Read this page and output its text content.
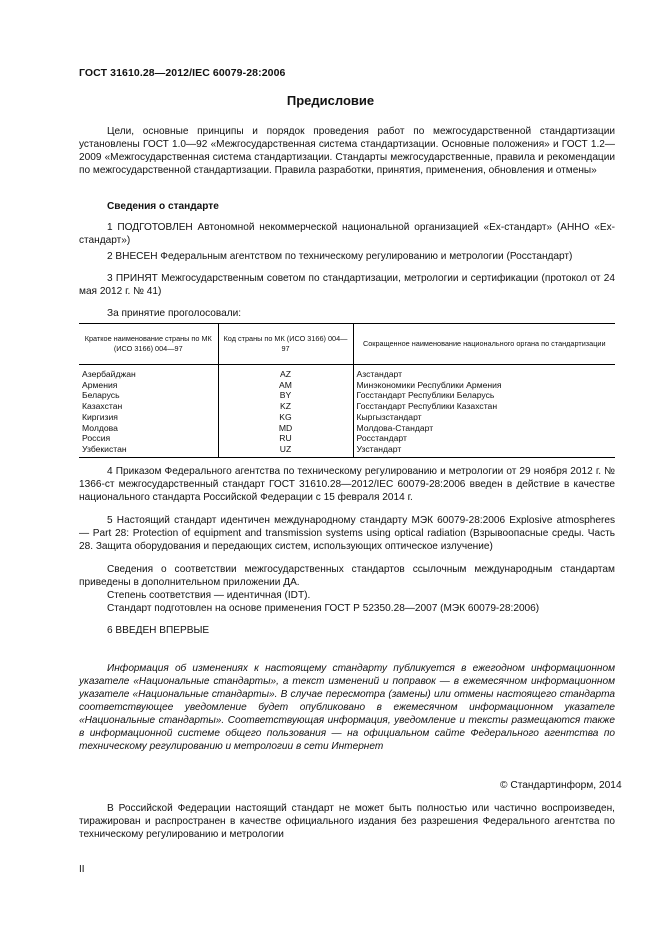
ГОСТ 31610.28—2012/IEC 60079-28:2006
Предисловие
Цели, основные принципы и порядок проведения работ по межгосударственной стандартизации установлены ГОСТ 1.0—92 «Межгосударственная система стандартизации. Основные положения» и ГОСТ 1.2—2009 «Межгосударственная система стандартизации. Стандарты межгосударственные, правила и рекомендации по межгосударственной стандартизации. Правила разработки, принятия, применения, обновления и отмены»
Сведения о стандарте
1 ПОДГОТОВЛЕН Автономной некоммерческой национальной организацией «Ех-стандарт» (АННО «Ех-стандарт»)
2 ВНЕСЕН Федеральным агентством по техническому регулированию и метрологии (Росстандарт)
3 ПРИНЯТ Межгосударственным советом по стандартизации, метрологии и сертификации (протокол от 24 мая 2012 г. № 41)
За принятие проголосовали:
Краткое наименование страны по МК (ИСО 3166) 004—97	Код страны по МК (ИСО 3166) 004—97	Сокращенное наименование национального органа по стандартизации
Азербайджан	AZ	Азстандарт
Армения	AM	Минэкономики Республики Армения
Беларусь	BY	Госстандарт Республики Беларусь
Казахстан	KZ	Госстандарт Республики Казахстан
Киргизия	KG	Кыргызстандарт
Молдова	MD	Молдова-Стандарт
Россия	RU	Росстандарт
Узбекистан	UZ	Узстандарт
4 Приказом Федерального агентства по техническому регулированию и метрологии от 29 ноября 2012 г. № 1366-ст межгосударственный стандарт ГОСТ 31610.28—2012/IEC 60079-28:2006 введен в действие в качестве национального стандарта Российской Федерации с 15 февраля 2014 г.
5 Настоящий стандарт идентичен международному стандарту МЭК 60079-28:2006 Explosive atmospheres — Part 28: Protection of equipment and transmission systems using optical radiation (Взрывоопасные среды. Часть 28. Защита оборудования и передающих систем, использующих оптическое излучение)
Сведения о соответствии межгосударственных стандартов ссылочным международным стандартам приведены в дополнительном приложении ДА.
Степень соответствия — идентичная (IDT).
Стандарт подготовлен на основе применения ГОСТ Р 52350.28—2007 (МЭК 60079-28:2006)
6 ВВЕДЕН ВПЕРВЫЕ
Информация об изменениях к настоящему стандарту публикуется в ежегодном информационном указателе «Национальные стандарты», а текст изменений и поправок — в ежемесячном информационном указателе «Национальные стандарты». В случае пересмотра (замены) или отмены настоящего стандарта соответствующее уведомление будет опубликовано в ежемесячном информационном указателе «Национальные стандарты». Соответствующая информация, уведомление и тексты размещаются также в информационной системе общего пользования — на официальном сайте Федерального агентства по техническому регулированию и метрологии в сети Интернет
© Стандартинформ, 2014
В Российской Федерации настоящий стандарт не может быть полностью или частично воспроизведен, тиражирован и распространен в качестве официального издания без разрешения Федерального агентства по техническому регулированию и метрологии
II
